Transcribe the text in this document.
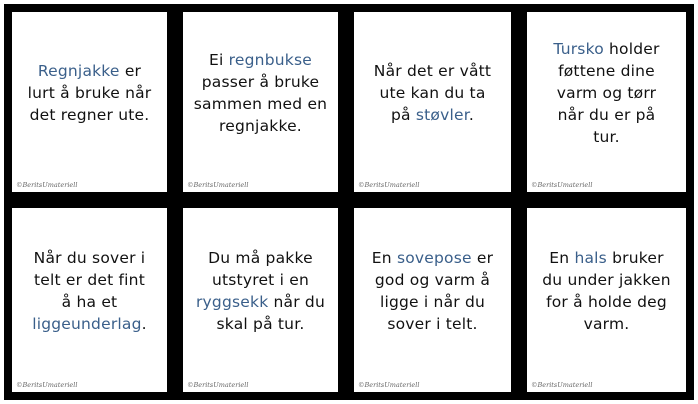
Regnjakke er
lurt å bruke når
det regner ute.
©BeritsUmateriell
Ei regnbukse
passer å bruke
sammen med en
regnjakke.
©BeritsUmateriell
Når det er vått
ute kan du ta
på støvler.
©BeritsUmateriell
Tursko holder
føttene dine
varm og tørr
når du er på
tur.
©BeritsUmateriell
Når du sover i
telt er det fint
å ha et
liggeunderlag.
©BeritsUmateriell
Du må pakke
utstyret i en
ryggsekk når du
skal på tur.
©BeritsUmateriell
En sovepose er
god og varm å
ligge i når du
sover i telt.
©BeritsUmateriell
En hals bruker
du under jakken
for å holde deg
varm.
©BeritsUmateriell
